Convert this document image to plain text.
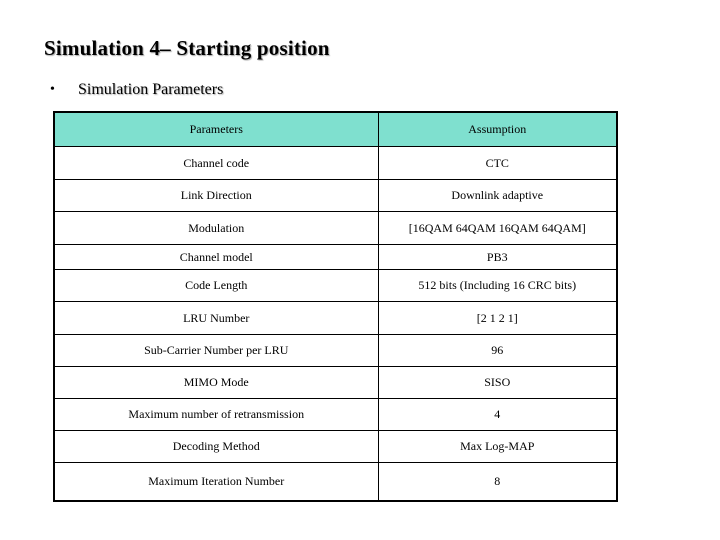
Simulation 4– Starting position
• Simulation Parameters
Parameters	Assumption
Channel code	CTC
Link Direction	Downlink adaptive
Modulation	[16QAM 64QAM 16QAM 64QAM]
Channel model	PB3
Code Length	512 bits (Including 16 CRC bits)
LRU Number	[2 1 2 1]
Sub-Carrier Number per LRU	96
MIMO Mode	SISO
Maximum number of retransmission	4
Decoding Method	Max Log-MAP
Maximum Iteration Number	8
